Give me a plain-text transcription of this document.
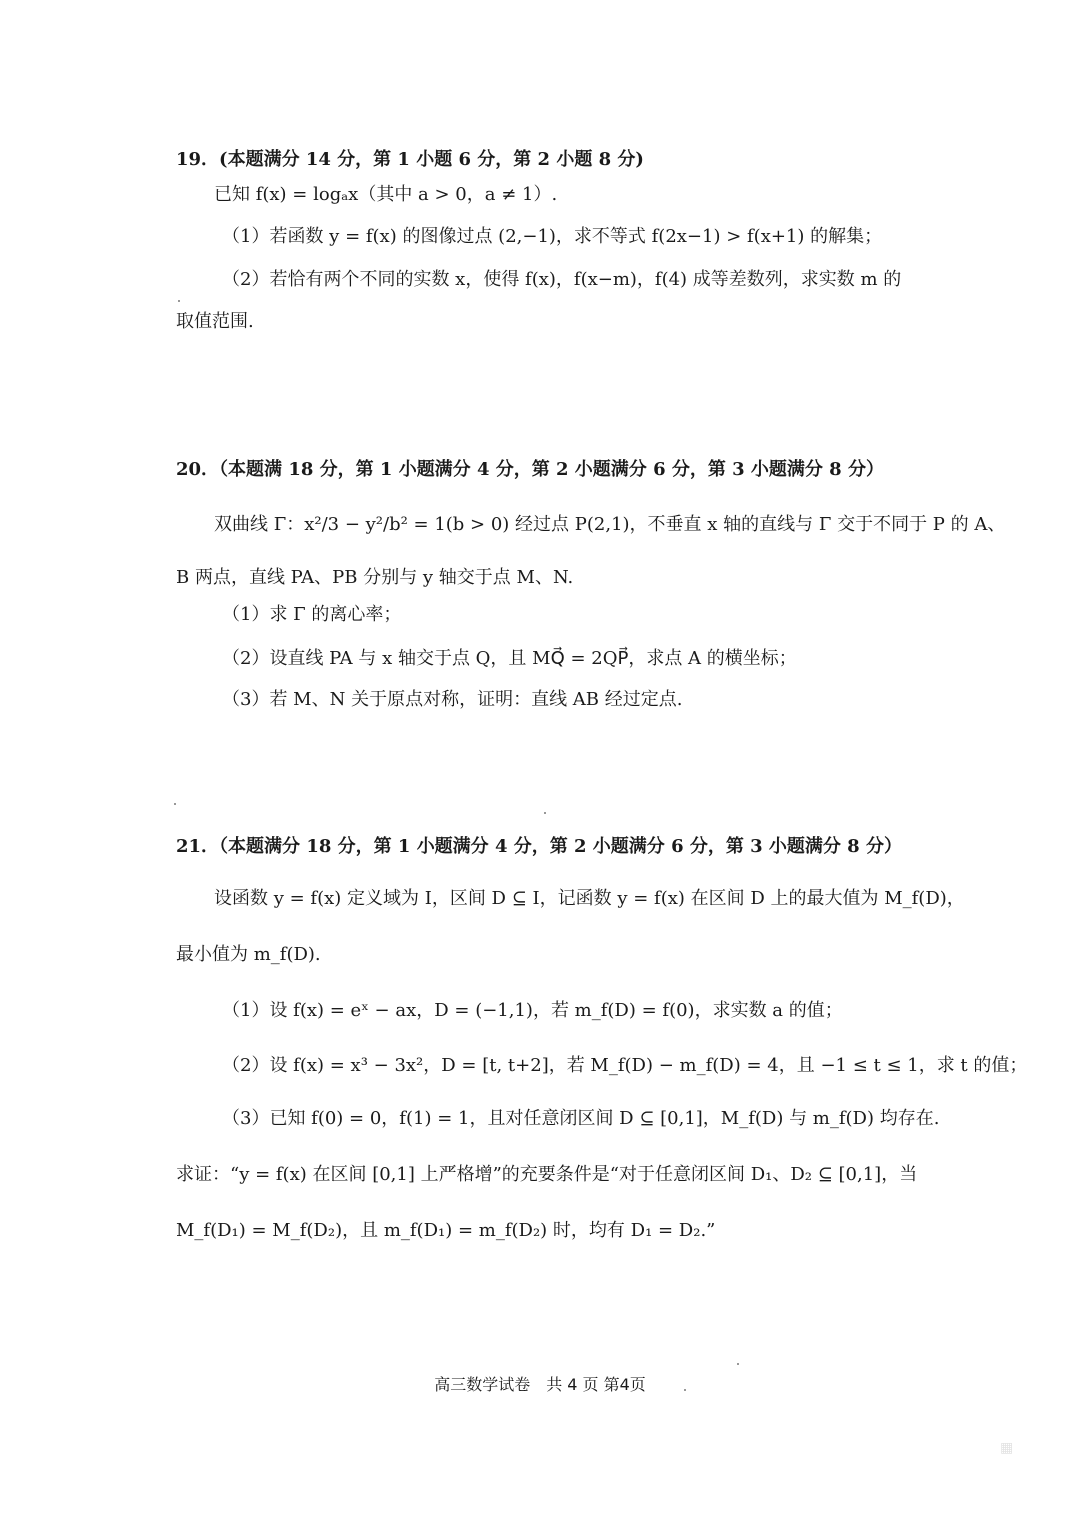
19．(本题满分 14 分，第 1 小题 6 分，第 2 小题 8 分)
已知 f(x) = logₐx（其中 a > 0，a ≠ 1）.
（1）若函数 y = f(x) 的图像过点 (2,−1)，求不等式 f(2x−1) > f(x+1) 的解集；
（2）若恰有两个不同的实数 x，使得 f(x)，f(x−m)，f(4) 成等差数列，求实数 m 的
取值范围.
20．（本题满 18 分，第 1 小题满分 4 分，第 2 小题满分 6 分，第 3 小题满分 8 分）
双曲线 Γ：x²/3 − y²/b² = 1(b > 0) 经过点 P(2,1)，不垂直 x 轴的直线与 Γ 交于不同于 P 的 A、
B 两点，直线 PA、PB 分别与 y 轴交于点 M、N.
（1）求 Γ 的离心率；
（2）设直线 PA 与 x 轴交于点 Q，且 MQ⃗ = 2QP⃗，求点 A 的横坐标；
（3）若 M、N 关于原点对称，证明：直线 AB 经过定点.
21．（本题满分 18 分，第 1 小题满分 4 分，第 2 小题满分 6 分，第 3 小题满分 8 分）
设函数 y = f(x) 定义域为 I，区间 D ⊆ I，记函数 y = f(x) 在区间 D 上的最大值为 M_f(D)，
最小值为 m_f(D).
（1）设 f(x) = eˣ − ax，D = (−1,1)，若 m_f(D) = f(0)，求实数 a 的值；
（2）设 f(x) = x³ − 3x²，D = [t, t+2]，若 M_f(D) − m_f(D) = 4，且 −1 ≤ t ≤ 1，求 t 的值；
（3）已知 f(0) = 0，f(1) = 1，且对任意闭区间 D ⊆ [0,1]，M_f(D) 与 m_f(D) 均存在.
求证：“y = f(x) 在区间 [0,1] 上严格增”的充要条件是“对于任意闭区间 D₁、D₂ ⊆ [0,1]，当
M_f(D₁) = M_f(D₂)，且 m_f(D₁) = m_f(D₂) 时，均有 D₁ = D₂.”
高三数学试卷　共 4 页 第4页
▦
